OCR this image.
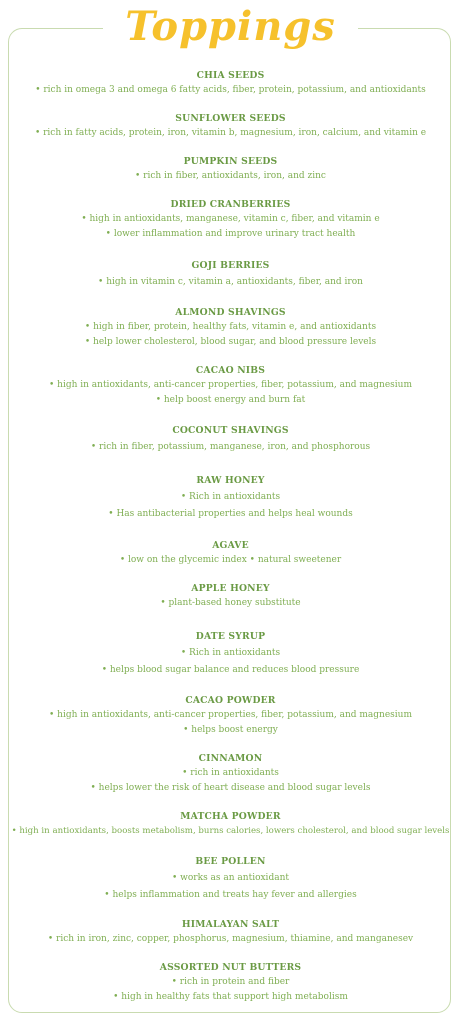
Toppings
CHIA SEEDS
• rich in omega 3 and omega 6 fatty acids, fiber, protein, potassium, and antioxidants
SUNFLOWER SEEDS
• rich in fatty acids, protein, iron, vitamin b, magnesium, iron, calcium, and vitamin e
PUMPKIN SEEDS
• rich in fiber, antioxidants, iron, and zinc
DRIED CRANBERRIES
• high in antioxidants, manganese, vitamin c, fiber, and vitamin e
• lower inflammation and improve urinary tract health
GOJI BERRIES
• high in vitamin c, vitamin a, antioxidants, fiber, and iron
ALMOND SHAVINGS
• high in fiber, protein, healthy fats, vitamin e, and antioxidants
• help lower cholesterol, blood sugar, and blood pressure levels
CACAO NIBS
• high in antioxidants, anti-cancer properties, fiber, potassium, and magnesium
• help boost energy and burn fat
COCONUT SHAVINGS
• rich in fiber, potassium, manganese, iron, and phosphorous
RAW HONEY
• Rich in antioxidants
• Has antibacterial properties and helps heal wounds
AGAVE
• low on the glycemic index • natural sweetener
APPLE HONEY
• plant-based honey substitute
DATE SYRUP
• Rich in antioxidants
• helps blood sugar balance and reduces blood pressure
CACAO POWDER
• high in antioxidants, anti-cancer properties, fiber, potassium, and magnesium
• helps boost energy
CINNAMON
• rich in antioxidants
• helps lower the risk of heart disease and blood sugar levels
MATCHA POWDER
• high in antioxidants, boosts metabolism, burns calories, lowers cholesterol, and blood sugar levels
BEE POLLEN
• works as an antioxidant
• helps inflammation and treats hay fever and allergies
HIMALAYAN SALT
• rich in iron, zinc, copper, phosphorus, magnesium, thiamine, and manganesev
ASSORTED NUT BUTTERS
• rich in protein and fiber
• high in healthy fats that support high metabolism
